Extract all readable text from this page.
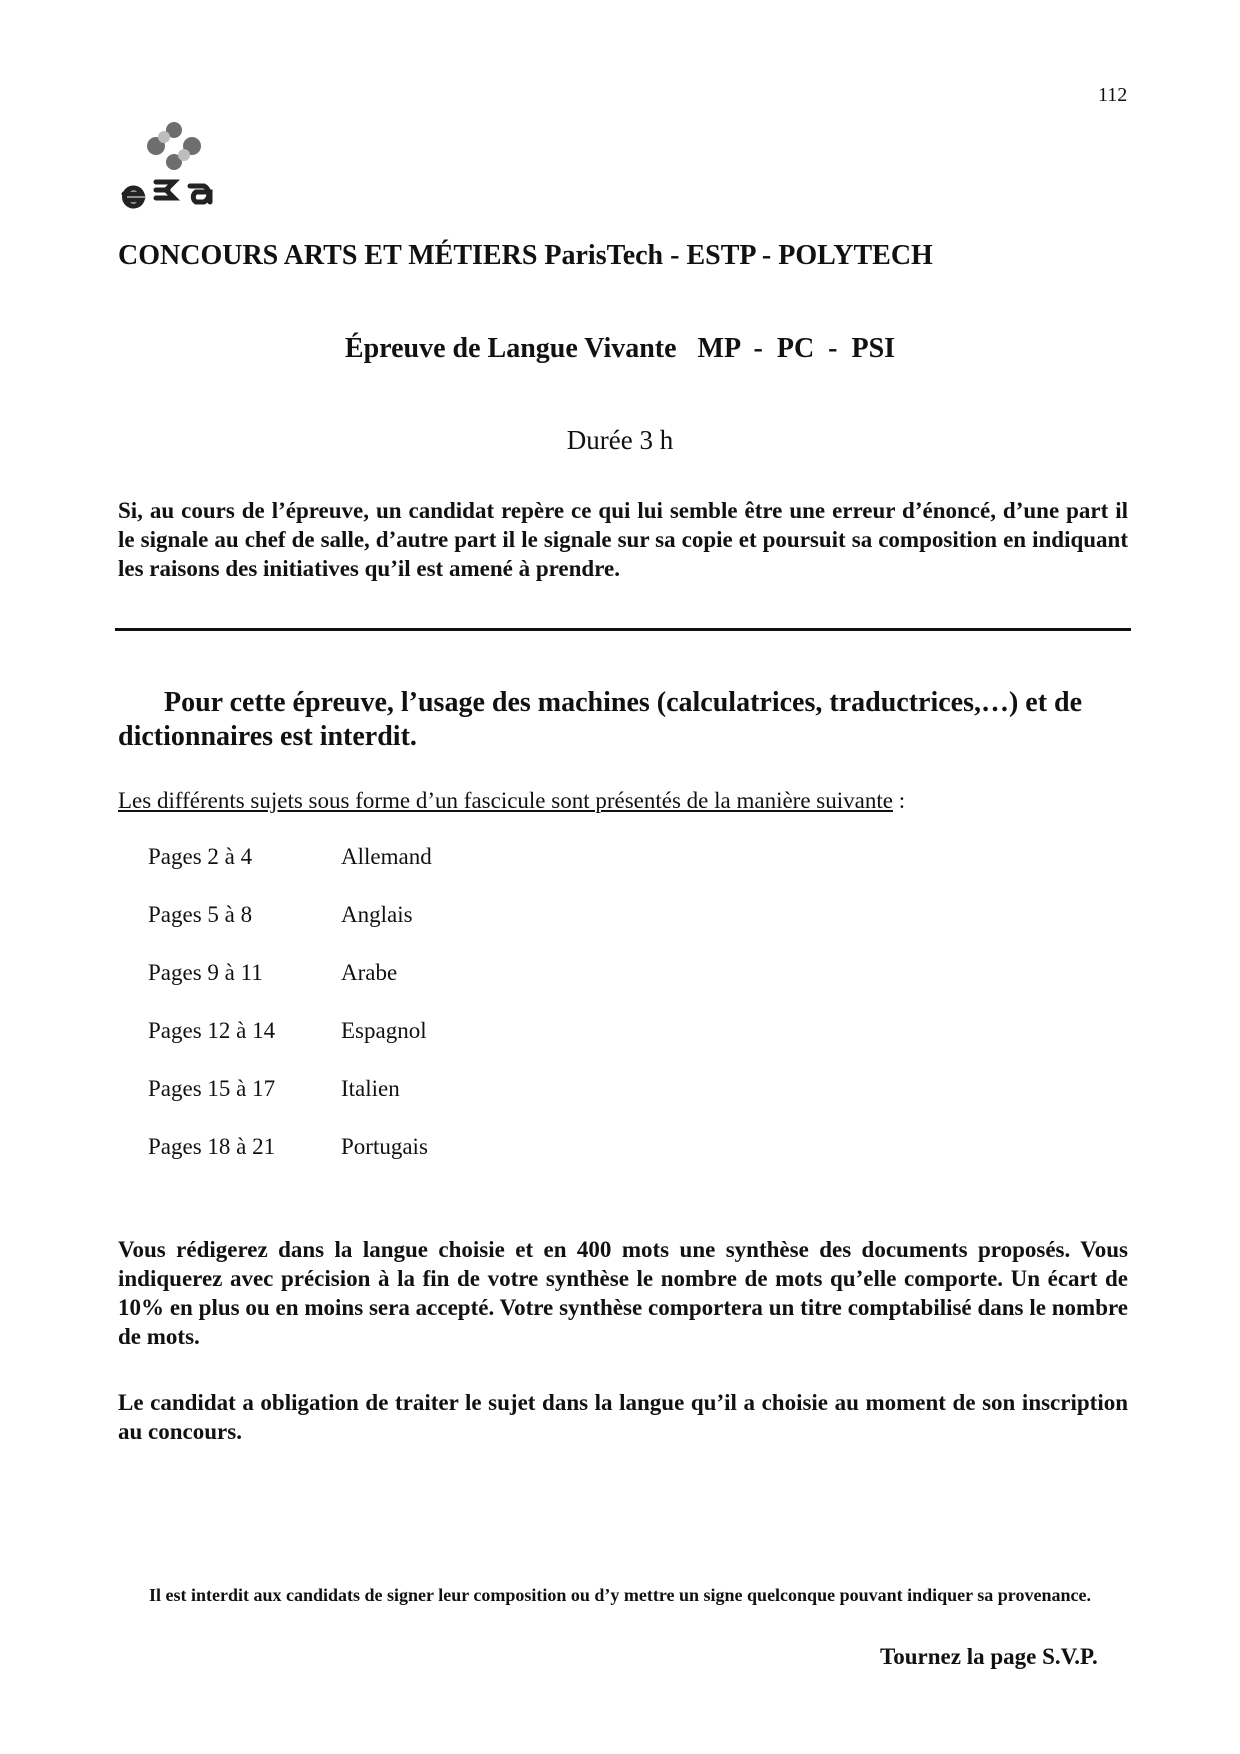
112
CONCOURS ARTS ET MÉTIERS ParisTech - ESTP - POLYTECH
Épreuve de Langue Vivante   MP  -  PC  -  PSI
Durée 3 h
Si, au cours de l’épreuve, un candidat repère ce qui lui semble être une erreur d’énoncé, d’une part il le signale au chef de salle, d’autre part il le signale sur sa copie et poursuit sa composition en indiquant les raisons des initiatives qu’il est amené à prendre.
Pour cette épreuve, l’usage des machines (calculatrices, traductrices,…) et de dictionnaires est interdit.
Les différents sujets sous forme d’un fascicule sont présentés de la manière suivante :
Pages 2 à 4	Allemand
Pages 5 à 8	Anglais
Pages 9 à 11	Arabe
Pages 12 à 14	Espagnol
Pages 15 à 17	Italien
Pages 18 à 21	Portugais
Vous rédigerez dans la langue choisie et en 400 mots une synthèse des documents proposés. Vous indiquerez avec précision à la fin de votre synthèse le nombre de mots qu’elle comporte. Un écart de 10% en plus ou en moins sera accepté. Votre synthèse comportera un titre comptabilisé dans le nombre de mots.
Le candidat a obligation de traiter le sujet dans la langue qu’il a choisie au moment de son inscription au concours.
Il est interdit aux candidats de signer leur composition ou d’y mettre un signe quelconque pouvant indiquer sa provenance.
Tournez la page S.V.P.
